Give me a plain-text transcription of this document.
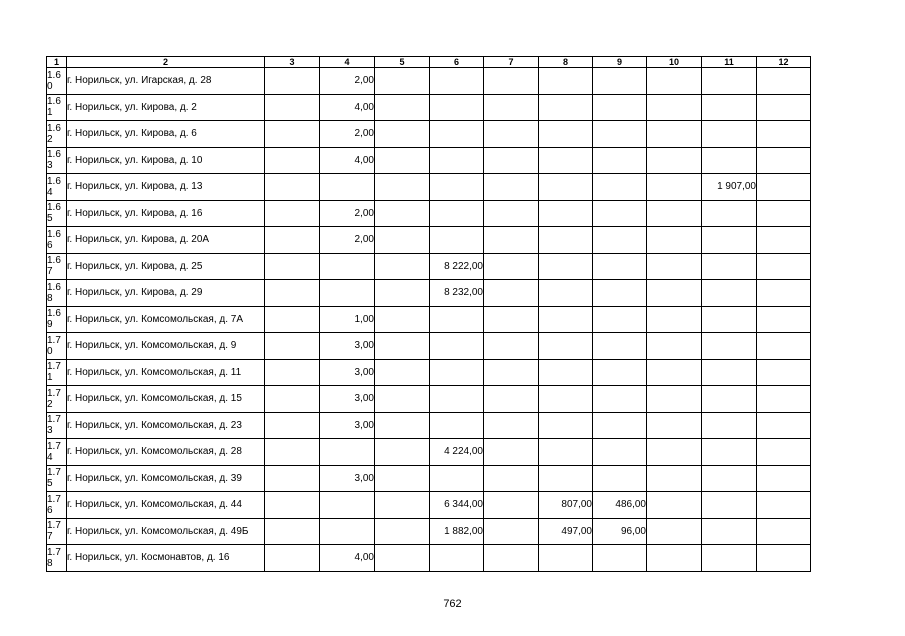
1	2	3	4	5	6	7	8	9	10	11	12
1.60	г. Норильск, ул. Игарская, д. 28		2,00								
1.61	г. Норильск, ул. Кирова, д. 2		4,00								
1.62	г. Норильск, ул. Кирова, д. 6		2,00								
1.63	г. Норильск, ул. Кирова, д. 10		4,00								
1.64	г. Норильск, ул. Кирова, д. 13									1 907,00	
1.65	г. Норильск, ул. Кирова, д. 16		2,00								
1.66	г. Норильск, ул. Кирова, д. 20А		2,00								
1.67	г. Норильск, ул. Кирова, д. 25				8 222,00						
1.68	г. Норильск, ул. Кирова, д. 29				8 232,00						
1.69	г. Норильск, ул. Комсомольская, д. 7А		1,00								
1.70	г. Норильск, ул. Комсомольская, д. 9		3,00								
1.71	г. Норильск, ул. Комсомольская, д. 11		3,00								
1.72	г. Норильск, ул. Комсомольская, д. 15		3,00								
1.73	г. Норильск, ул. Комсомольская, д. 23		3,00								
1.74	г. Норильск, ул. Комсомольская, д. 28				4 224,00						
1.75	г. Норильск, ул. Комсомольская, д. 39		3,00								
1.76	г. Норильск, ул. Комсомольская, д. 44				6 344,00		807,00	486,00			
1.77	г. Норильск, ул. Комсомольская, д. 49Б				1 882,00		497,00	96,00			
1.78	г. Норильск, ул. Космонавтов, д. 16		4,00								
762
